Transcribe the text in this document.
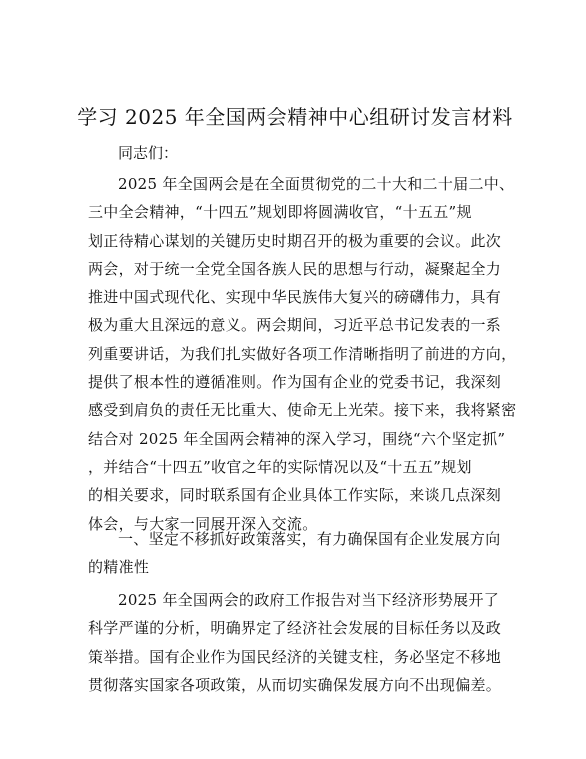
学习 2025 年全国两会精神中心组研讨发言材料
同志们：
2025 年全国两会是在全面贯彻党的二十大和二十届二中、
三中全会精神，“十四五”规划即将圆满收官，“十五五”规
划正待精心谋划的关键历史时期召开的极为重要的会议。此次
两会，对于统一全党全国各族人民的思想与行动，凝聚起全力
推进中国式现代化、实现中华民族伟大复兴的磅礴伟力，具有
极为重大且深远的意义。两会期间，习近平总书记发表的一系
列重要讲话，为我们扎实做好各项工作清晰指明了前进的方向，
提供了根本性的遵循准则。作为国有企业的党委书记，我深刻
感受到肩负的责任无比重大、使命无上光荣。接下来，我将紧密
结合对 2025 年全国两会精神的深入学习，围绕“六个坚定抓”
，并结合“十四五”收官之年的实际情况以及“十五五”规划
的相关要求，同时联系国有企业具体工作实际，来谈几点深刻
体会，与大家一同展开深入交流。
一、坚定不移抓好政策落实，有力确保国有企业发展方向
的精准性
2025 年全国两会的政府工作报告对当下经济形势展开了
科学严谨的分析，明确界定了经济社会发展的目标任务以及政
策举措。国有企业作为国民经济的关键支柱，务必坚定不移地
贯彻落实国家各项政策，从而切实确保发展方向不出现偏差。
